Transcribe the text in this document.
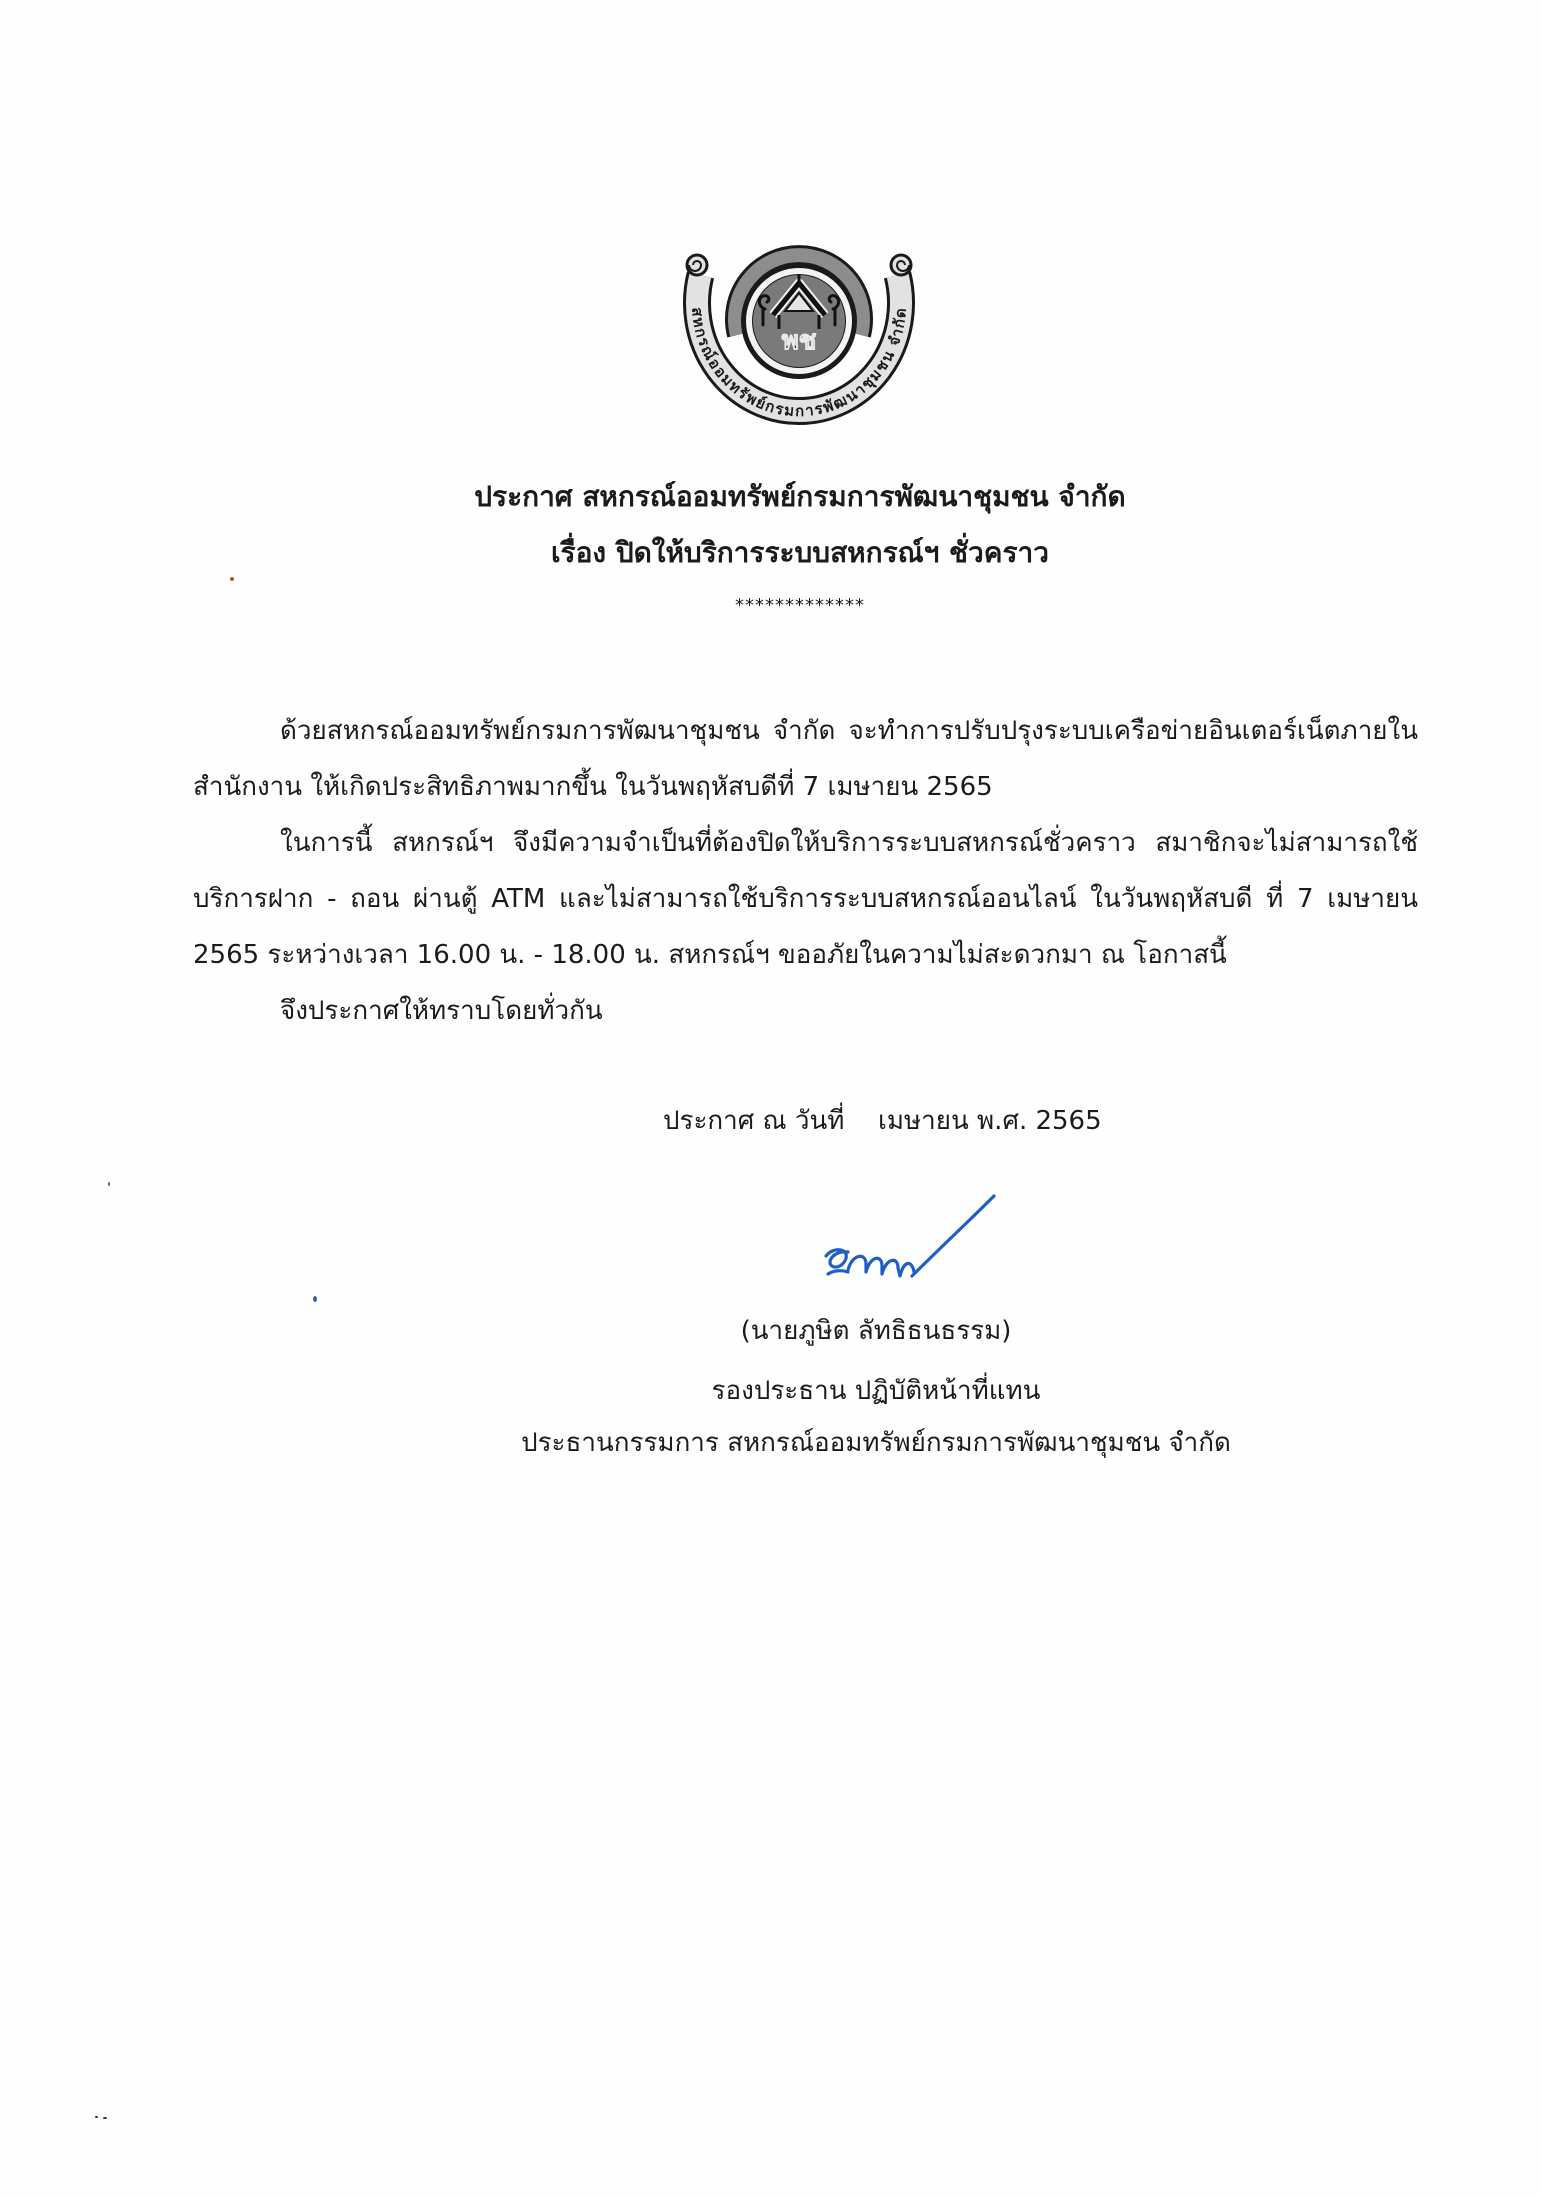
สหกรณ์ออมทรัพย์กรมการพัฒนาชุมชน จำกัด
พช
ประกาศ สหกรณ์ออมทรัพย์กรมการพัฒนาชุมชน จำกัด
เรื่อง ปิดให้บริการระบบสหกรณ์ฯ ชั่วคราว
*************
ด้วยสหกรณ์ออมทรัพย์กรมการพัฒนาชุมชน จำกัด จะทำการปรับปรุงระบบเครือข่ายอินเตอร์เน็ตภายใน
สำนักงาน ให้เกิดประสิทธิภาพมากขึ้น ในวันพฤหัสบดีที่ 7 เมษายน 2565
ในการนี้ สหกรณ์ฯ จึงมีความจำเป็นที่ต้องปิดให้บริการระบบสหกรณ์ชั่วคราว สมาชิกจะไม่สามารถใช้
บริการฝาก - ถอน ผ่านตู้ ATM และไม่สามารถใช้บริการระบบสหกรณ์ออนไลน์ ในวันพฤหัสบดี ที่ 7 เมษายน
2565 ระหว่างเวลา 16.00 น. - 18.00 น. สหกรณ์ฯ ขออภัยในความไม่สะดวกมา ณ โอกาสนี้
จึงประกาศให้ทราบโดยทั่วกัน
ประกาศ ณ วันที่ เมษายน พ.ศ. 2565
(นายภูษิต ลัทธิธนธรรม)
รองประธาน ปฏิบัติหน้าที่แทน
ประธานกรรมการ สหกรณ์ออมทรัพย์กรมการพัฒนาชุมชน จำกัด
